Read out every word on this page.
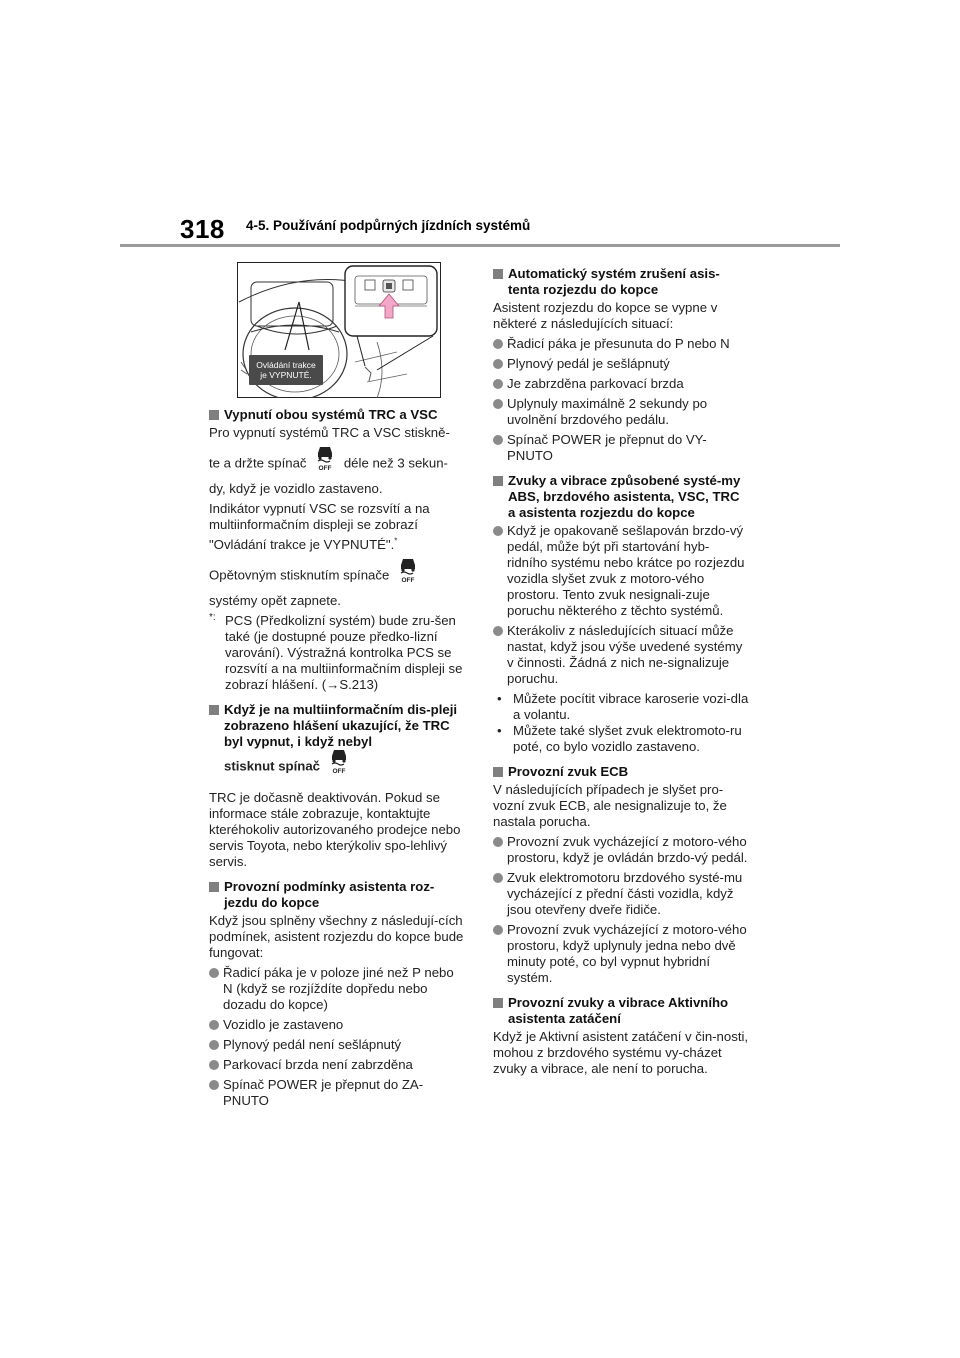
318 4-5. Používání podpůrných jízdních systémů
Ovládání trakce
je VYPNUTÉ.
Vypnutí obou systémů TRC a VSC
Pro vypnutí systémů TRC a VSC stiskně-
te a držte spínač OFF déle než 3 sekun-
dy, když je vozidlo zastaveno.
Indikátor vypnutí VSC se rozsvítí a na multiinformačním displeji se zobrazí
"Ovládání trakce je VYPNUTÉ".*
Opětovným stisknutím spínače OFF
systémy opět zapnete.
*: PCS (Předkolizní systém) bude zru-šen také (je dostupné pouze předko-lizní varování). Výstražná kontrolka PCS se rozsvítí a na multiinformačním displeji se zobrazí hlášení. (→S.213)
Když je na multiinformačním dis-pleji zobrazeno hlášení ukazující, že TRC byl vypnut, i když nebyl
stisknut spínač OFF
TRC je dočasně deaktivován. Pokud se informace stále zobrazuje, kontaktujte kteréhokoliv autorizovaného prodejce nebo servis Toyota, nebo kterýkoliv spo-lehlivý servis.
Provozní podmínky asistenta roz-jezdu do kopce
Když jsou splněny všechny z následují-cích podmínek, asistent rozjezdu do kopce bude fungovat:
Řadicí páka je v poloze jiné než P nebo N (když se rozjíždíte dopředu nebo dozadu do kopce)
Vozidlo je zastaveno
Plynový pedál není sešlápnutý
Parkovací brzda není zabrzděna
Spínač POWER je přepnut do ZA-PNUTO
Automatický systém zrušení asis-tenta rozjezdu do kopce
Asistent rozjezdu do kopce se vypne v některé z následujících situací:
Řadicí páka je přesunuta do P nebo N
Plynový pedál je sešlápnutý
Je zabrzděna parkovací brzda
Uplynuly maximálně 2 sekundy po uvolnění brzdového pedálu.
Spínač POWER je přepnut do VY-PNUTO
Zvuky a vibrace způsobené systé-my ABS, brzdového asistenta, VSC, TRC a asistenta rozjezdu do kopce
Když je opakovaně sešlapován brzdo-vý pedál, může být při startování hyb-ridního systému nebo krátce po rozjezdu vozidla slyšet zvuk z motoro-vého prostoru. Tento zvuk nesignali-zuje poruchu některého z těchto systémů.
Kterákoliv z následujících situací může nastat, když jsou výše uvedené systémy v činnosti. Žádná z nich ne-signalizuje poruchu.
• Můžete pocítit vibrace karoserie vozi-dla a volantu.
• Můžete také slyšet zvuk elektromoto-ru poté, co bylo vozidlo zastaveno.
Provozní zvuk ECB
V následujících případech je slyšet pro-vozní zvuk ECB, ale nesignalizuje to, že nastala porucha.
Provozní zvuk vycházející z motoro-vého prostoru, když je ovládán brzdo-vý pedál.
Zvuk elektromotoru brzdového systé-mu vycházející z přední části vozidla, když jsou otevřeny dveře řidiče.
Provozní zvuk vycházející z motoro-vého prostoru, když uplynuly jedna nebo dvě minuty poté, co byl vypnut hybridní systém.
Provozní zvuky a vibrace Aktivního asistenta zatáčení
Když je Aktivní asistent zatáčení v čin-nosti, mohou z brzdového systému vy-cházet zvuky a vibrace, ale není to porucha.
